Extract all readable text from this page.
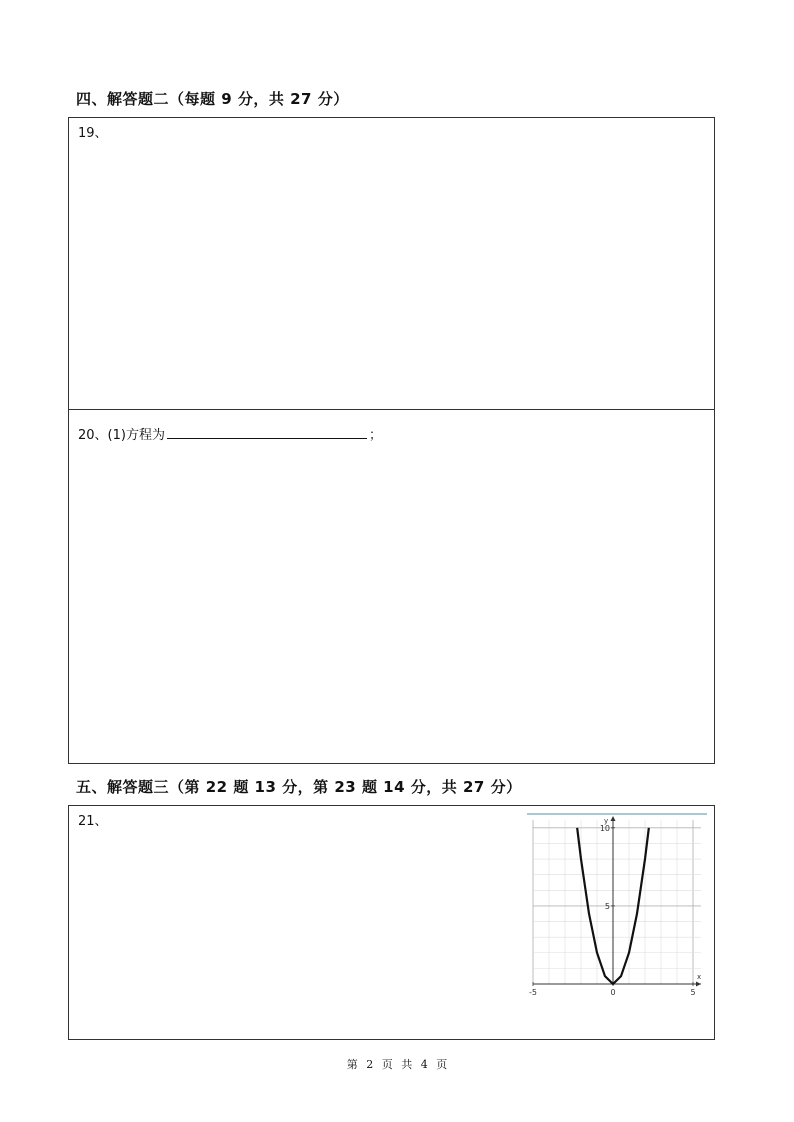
四、解答题二（每题 9 分，共 27 分）
19、
20、(1)方程为	；
五、解答题三（第 22 题 13 分，第 23 题 14 分，共 27 分）
21、
-5	0	5
5
10
x
y
第 2 页 共 4 页
